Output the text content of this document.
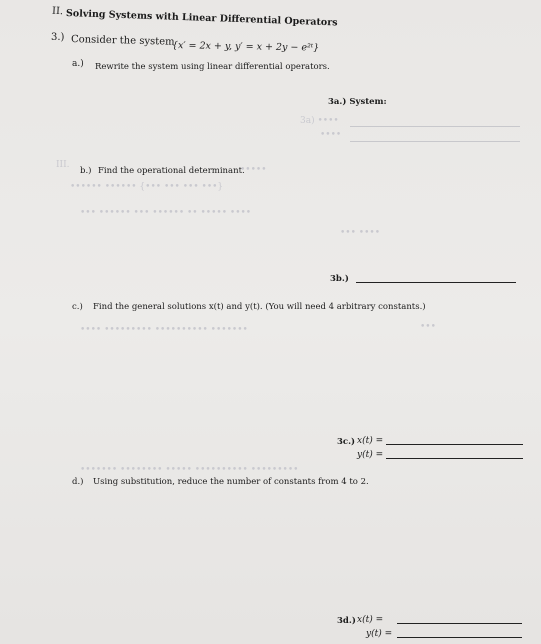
II. Solving Systems with Linear Differential Operators
3.) Consider the system
{x′ = 2x + y, y′ = x + 2y − e²ᵗ}
a.) Rewrite the system using linear differential operators.
3a.) System:
3a) ••••
••••
III.
b.) Find the operational determinant.
•••••
•••••• •••••• {••• ••• ••• •••}
••• •••••• ••• •••••• •• ••••• ••••
••• ••••
3b.)
c.) Find the general solutions x(t) and y(t). (You will need 4 arbitrary constants.)
•••• ••••••••• •••••••••• •••••••	•••
3c.) x(t) =
y(t) =
••••••• •••••••• ••••• •••••••••• •••••••••
d.) Using substitution, reduce the number of constants from 4 to 2.
3d.) x(t) =
y(t) =
